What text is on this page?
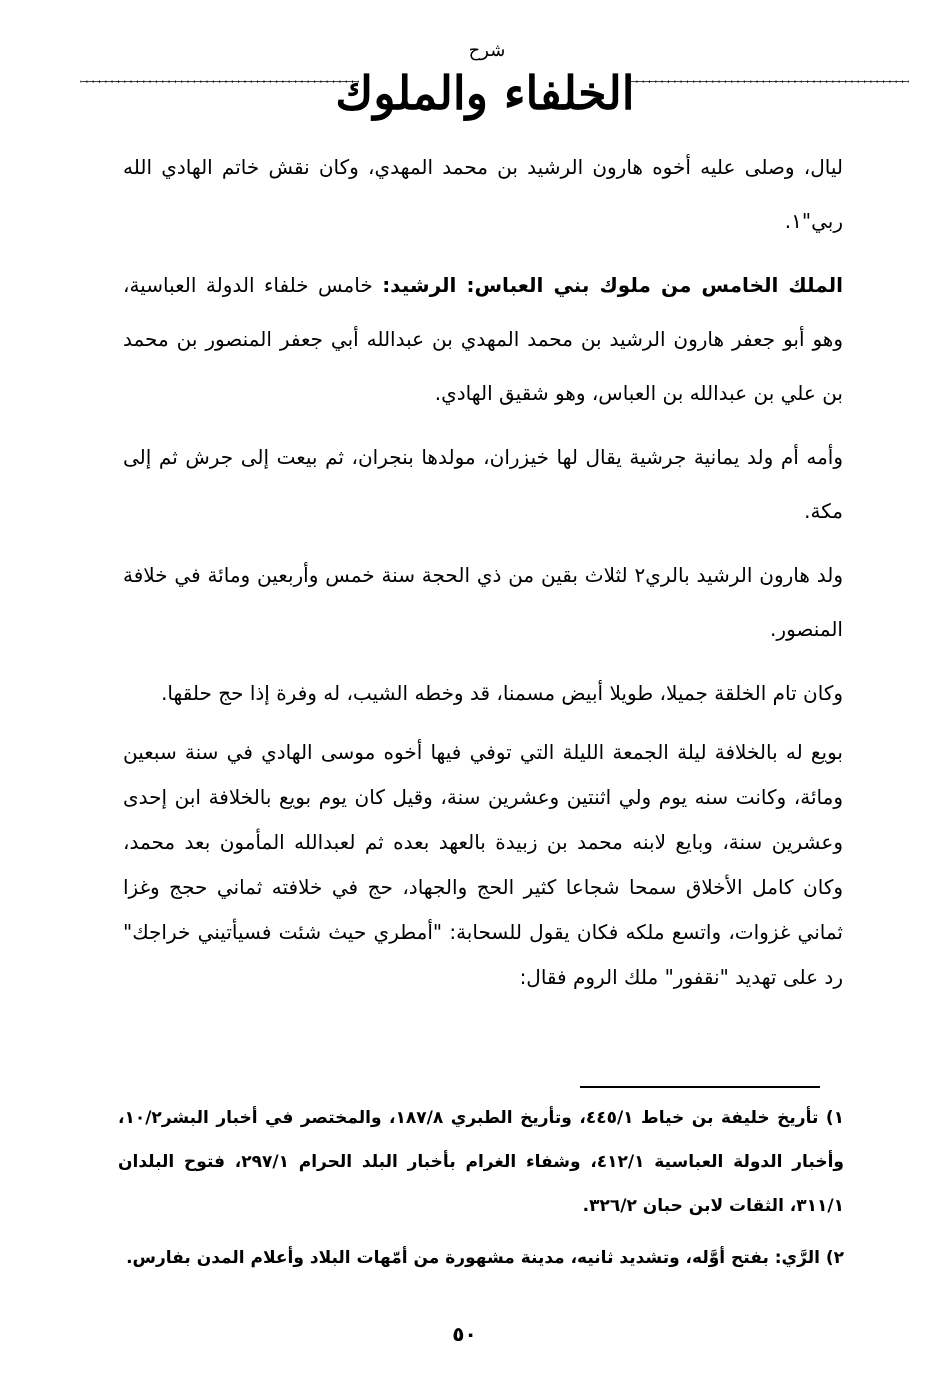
ꟷꟷꟷꟷꟷꟷꟷꟷꟷꟷꟷꟷꟷꟷꟷꟷꟷꟷꟷꟷꟷꟷꟷꟷꟷꟷꟷꟷꟷꟷꟷꟷꟷꟷꟷꟷꟷꟷꟷꟷꟷꟷꟷꟷ
شرح الخلفاء والملوك
ꟷꟷꟷꟷꟷꟷꟷꟷꟷꟷꟷꟷꟷꟷꟷꟷꟷꟷꟷꟷꟷꟷꟷꟷꟷꟷꟷꟷꟷꟷꟷꟷꟷꟷꟷꟷꟷꟷꟷꟷꟷꟷꟷꟷ

ليال، وصلى عليه أخوه هارون الرشيد بن محمد المهدي، وكان نقش خاتم الهادي الله ربي"١.

الملك الخامس من ملوك بني العباس: الرشيد: خامس خلفاء الدولة العباسية، وهو أبو جعفر هارون الرشيد بن محمد المهدي بن عبدالله أبي جعفر المنصور بن محمد بن علي بن عبدالله بن العباس، وهو شقيق الهادي.

وأمه أم ولد يمانية جرشية يقال لها خيزران، مولدها بنجران، ثم بيعت إلى جرش ثم إلى مكة.

ولد هارون الرشيد بالري٢ لثلاث بقين من ذي الحجة سنة خمس وأربعين ومائة في خلافة المنصور.

وكان تام الخلقة جميلا، طويلا أبيض مسمنا، قد وخطه الشيب، له وفرة إذا حج حلقها.

بويع له بالخلافة ليلة الجمعة الليلة التي توفي فيها أخوه موسى الهادي في سنة سبعين ومائة، وكانت سنه يوم ولي اثنتين وعشرين سنة، وقيل كان يوم بويع بالخلافة ابن إحدى وعشرين سنة، وبايع لابنه محمد بن زبيدة بالعهد بعده ثم لعبدالله المأمون بعد محمد، وكان كامل الأخلاق سمحا شجاعا كثير الحج والجهاد، حج في خلافته ثماني حجج وغزا ثماني غزوات، واتسع ملكه فكان يقول للسحابة: "أمطري حيث شئت فسيأتيني خراجك" رد على تهديد "نقفور" ملك الروم فقال:

١) تأريخ خليفة بن خياط ٤٤٥/١، وتأريخ الطبري ١٨٧/٨، والمختصر في أخبار البشر١٠/٢، وأخبار الدولة العباسية ٤١٢/١، وشفاء الغرام بأخبار البلد الحرام ٢٩٧/١، فتوح البلدان ٣١١/١، الثقات لابن حبان ٣٢٦/٢.

٢) الرَّي: بفتح أوَّله، وتشديد ثانيه، مدينة مشهورة من أمّهات البلاد وأعلام المدن بفارس.

٥٠
